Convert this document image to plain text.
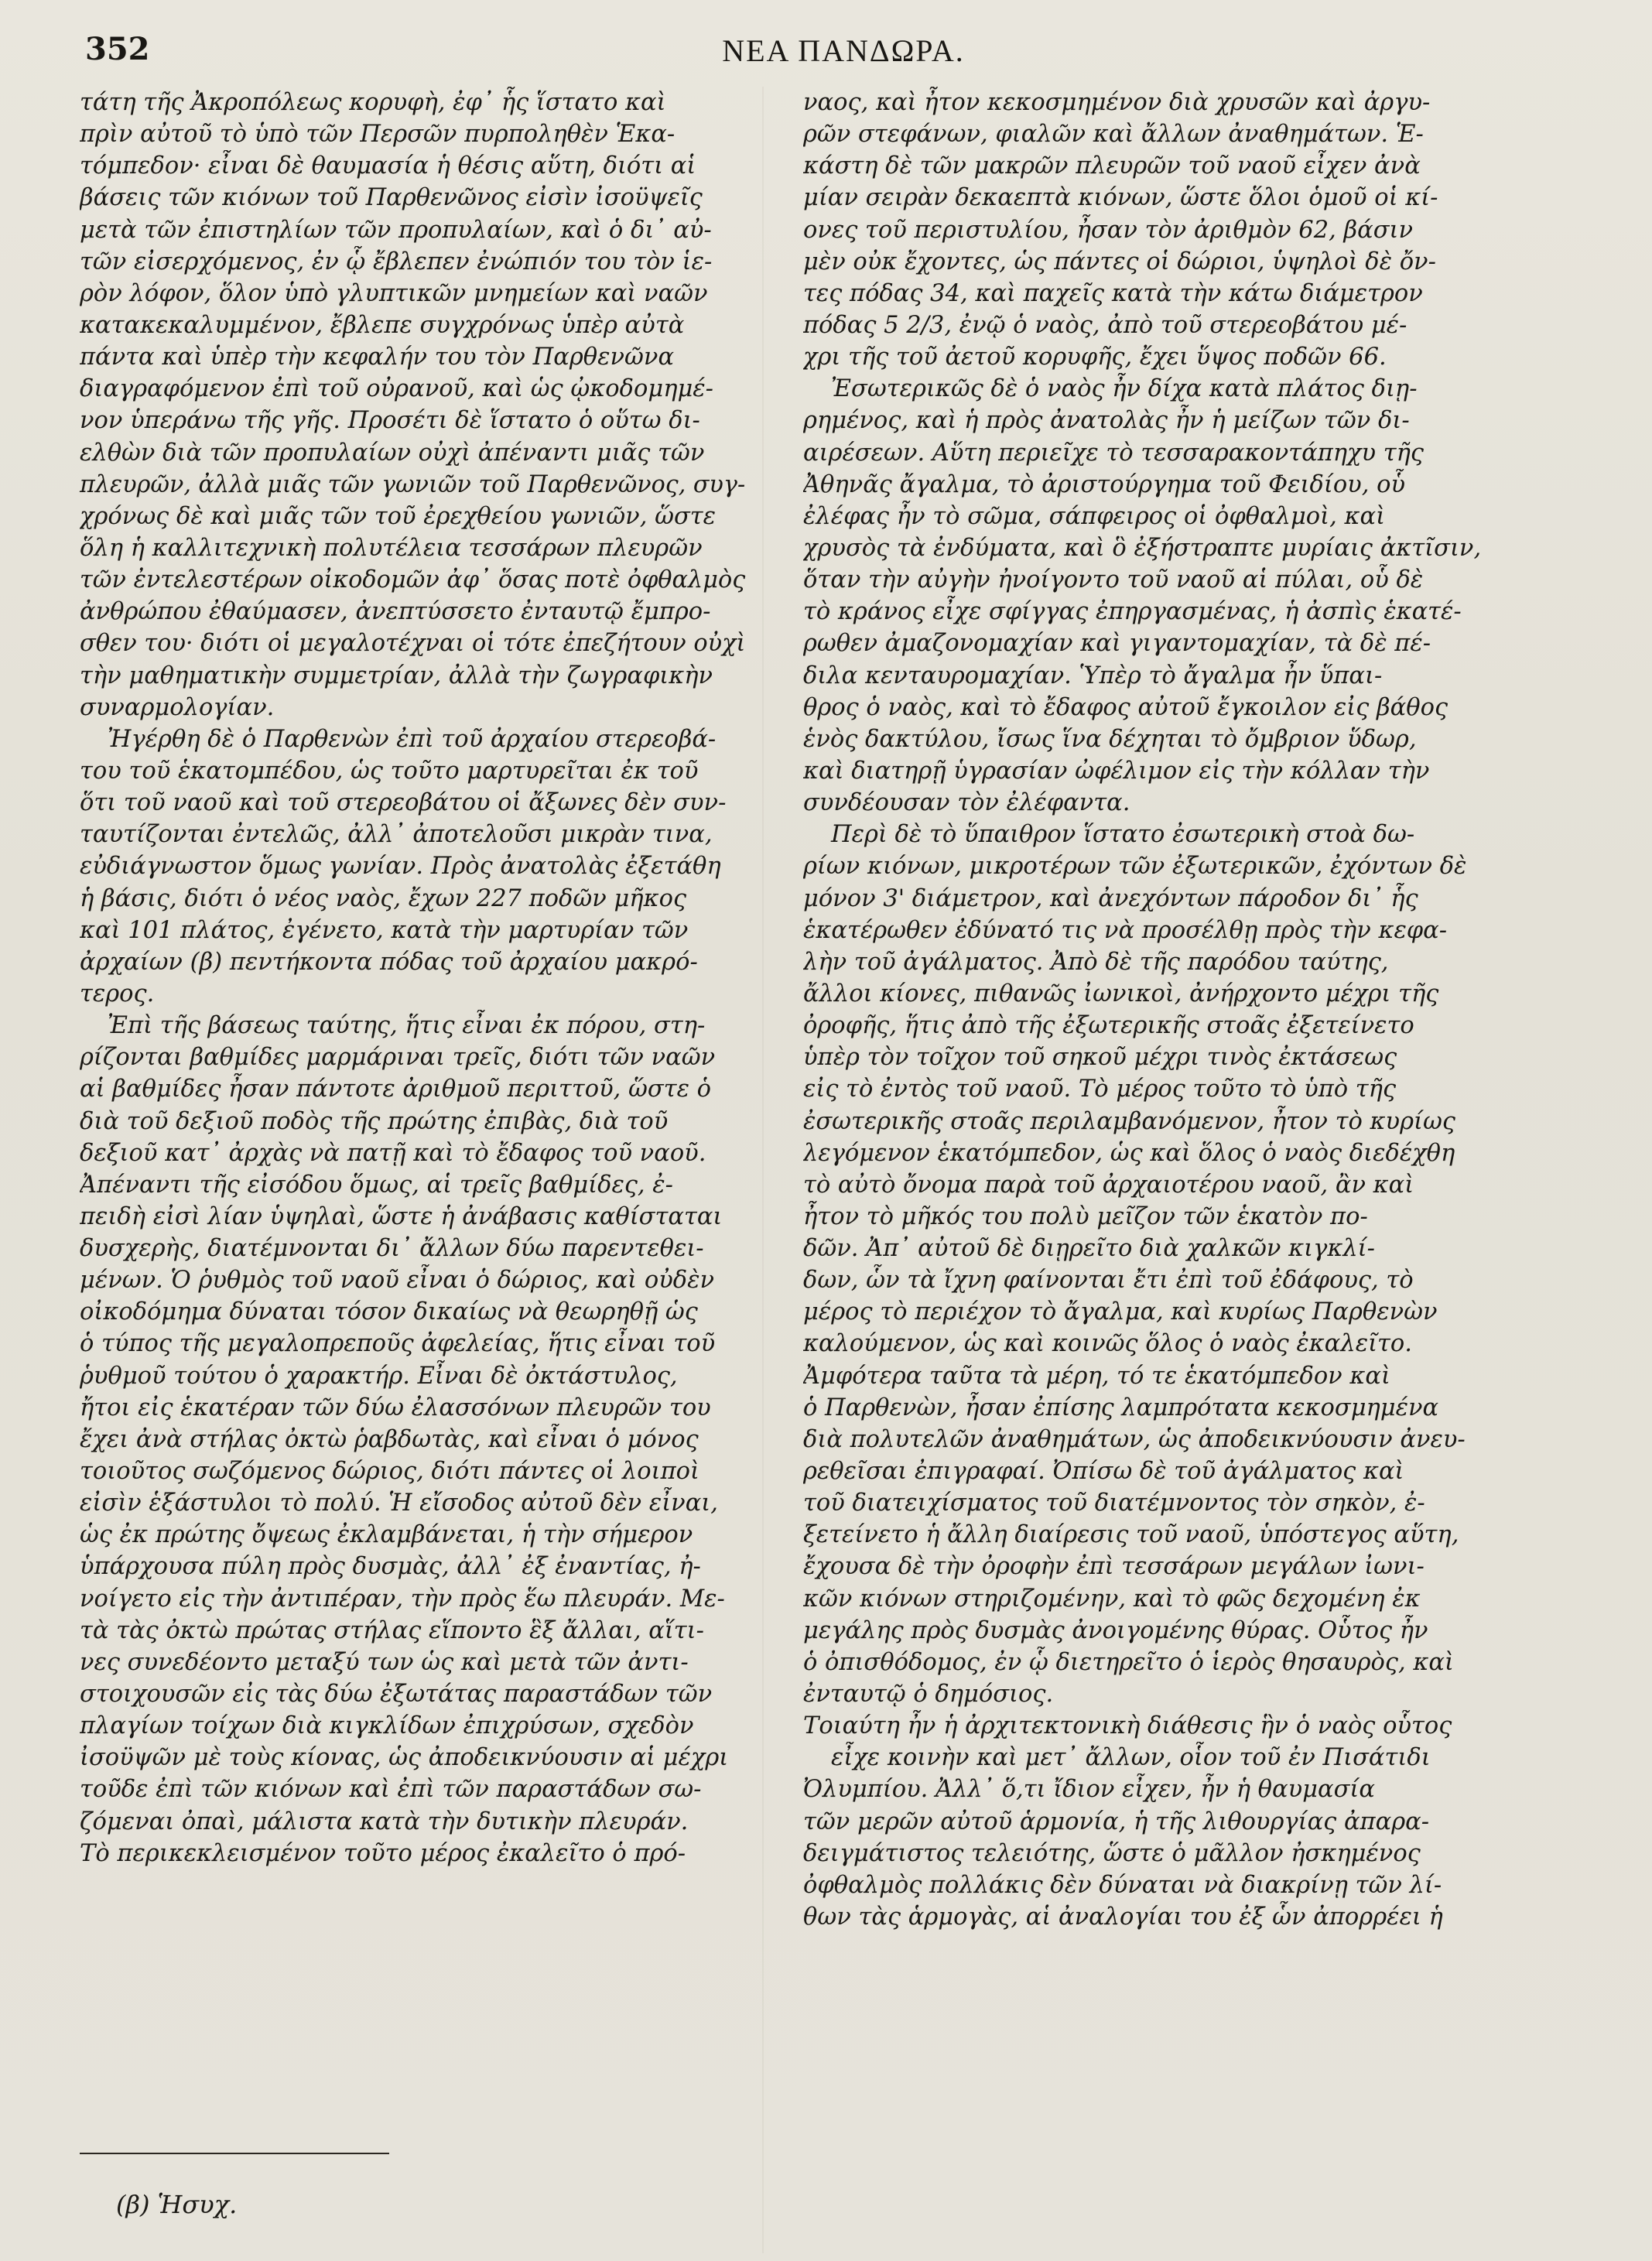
352	ΝΕΑ ΠΑΝΔΩΡΑ.
τάτη τῆς Ἀκροπόλεως κορυφὴ, ἐφ᾽ ἧς ἵστατο καὶ
πρὶν αὐτοῦ τὸ ὑπὸ τῶν Περσῶν πυρποληθὲν Ἑκα-
τόμπεδον· εἶναι δὲ θαυμασία ἡ θέσις αὕτη, διότι αἱ
βάσεις τῶν κιόνων τοῦ Παρθενῶνος εἰσὶν ἰσοϋψεῖς
μετὰ τῶν ἐπιστηλίων τῶν προπυλαίων, καὶ ὁ δι᾽ αὐ-
τῶν εἰσερχόμενος, ἐν ᾧ ἔβλεπεν ἐνώπιόν του τὸν ἱε-
ρὸν λόφον, ὅλον ὑπὸ γλυπτικῶν μνημείων καὶ ναῶν
κατακεκαλυμμένον, ἔβλεπε συγχρόνως ὑπὲρ αὐτὰ
πάντα καὶ ὑπὲρ τὴν κεφαλήν του τὸν Παρθενῶνα
διαγραφόμενον ἐπὶ τοῦ οὐρανοῦ, καὶ ὡς ᾠκοδομημέ-
νον ὑπεράνω τῆς γῆς. Προσέτι δὲ ἵστατο ὁ οὕτω δι-
ελθὼν διὰ τῶν προπυλαίων οὐχὶ ἀπέναντι μιᾶς τῶν
πλευρῶν, ἀλλὰ μιᾶς τῶν γωνιῶν τοῦ Παρθενῶνος, συγ-
χρόνως δὲ καὶ μιᾶς τῶν τοῦ ἐρεχθείου γωνιῶν, ὥστε
ὅλη ἡ καλλιτεχνικὴ πολυτέλεια τεσσάρων πλευρῶν
τῶν ἐντελεστέρων οἰκοδομῶν ἀφ᾽ ὅσας ποτὲ ὀφθαλμὸς
ἀνθρώπου ἐθαύμασεν, ἀνεπτύσσετο ἐνταυτῷ ἔμπρο-
σθεν του· διότι οἱ μεγαλοτέχναι οἱ τότε ἐπεζήτουν οὐχὶ
τὴν μαθηματικὴν συμμετρίαν, ἀλλὰ τὴν ζωγραφικὴν
συναρμολογίαν.
Ἠγέρθη δὲ ὁ Παρθενὼν ἐπὶ τοῦ ἀρχαίου στερεοβά-
του τοῦ ἑκατομπέδου, ὡς τοῦτο μαρτυρεῖται ἐκ τοῦ
ὅτι τοῦ ναοῦ καὶ τοῦ στερεοβάτου οἱ ἄξωνες δὲν συν-
ταυτίζονται ἐντελῶς, ἀλλ᾽ ἀποτελοῦσι μικρὰν τινα,
εὐδιάγνωστον ὅμως γωνίαν. Πρὸς ἀνατολὰς ἐξετάθη
ἡ βάσις, διότι ὁ νέος ναὸς, ἔχων 227 ποδῶν μῆκος
καὶ 101 πλάτος, ἐγένετο, κατὰ τὴν μαρτυρίαν τῶν
ἀρχαίων (β) πεντήκοντα πόδας τοῦ ἀρχαίου μακρό-
τερος.
Ἐπὶ τῆς βάσεως ταύτης, ἥτις εἶναι ἐκ πόρου, στη-
ρίζονται βαθμίδες μαρμάριναι τρεῖς, διότι τῶν ναῶν
αἱ βαθμίδες ἦσαν πάντοτε ἀριθμοῦ περιττοῦ, ὥστε ὁ
διὰ τοῦ δεξιοῦ ποδὸς τῆς πρώτης ἐπιβὰς, διὰ τοῦ
δεξιοῦ κατ᾽ ἀρχὰς νὰ πατῇ καὶ τὸ ἔδαφος τοῦ ναοῦ.
Ἀπέναντι τῆς εἰσόδου ὅμως, αἱ τρεῖς βαθμίδες, ἐ-
πειδὴ εἰσὶ λίαν ὑψηλαὶ, ὥστε ἡ ἀνάβασις καθίσταται
δυσχερὴς, διατέμνονται δι᾽ ἄλλων δύω παρεντεθει-
μένων. Ὁ ῥυθμὸς τοῦ ναοῦ εἶναι ὁ δώριος, καὶ οὐδὲν
οἰκοδόμημα δύναται τόσον δικαίως νὰ θεωρηθῇ ὡς
ὁ τύπος τῆς μεγαλοπρεποῦς ἀφελείας, ἥτις εἶναι τοῦ
ῥυθμοῦ τούτου ὁ χαρακτήρ. Εἶναι δὲ ὀκτάστυλος,
ἤτοι εἰς ἑκατέραν τῶν δύω ἐλασσόνων πλευρῶν του
ἔχει ἀνὰ στήλας ὀκτὼ ῥαβδωτὰς, καὶ εἶναι ὁ μόνος
τοιοῦτος σωζόμενος δώριος, διότι πάντες οἱ λοιποὶ
εἰσὶν ἑξάστυλοι τὸ πολύ. Ἡ εἴσοδος αὐτοῦ δὲν εἶναι,
ὡς ἐκ πρώτης ὄψεως ἐκλαμβάνεται, ἡ τὴν σήμερον
ὑπάρχουσα πύλη πρὸς δυσμὰς, ἀλλ᾽ ἐξ ἐναντίας, ἠ-
νοίγετο εἰς τὴν ἀντιπέραν, τὴν πρὸς ἕω πλευράν. Με-
τὰ τὰς ὀκτὼ πρώτας στήλας εἵποντο ἓξ ἄλλαι, αἵτι-
νες συνεδέοντο μεταξύ των ὡς καὶ μετὰ τῶν ἀντι-
στοιχουσῶν εἰς τὰς δύω ἐξωτάτας παραστάδων τῶν
πλαγίων τοίχων διὰ κιγκλίδων ἐπιχρύσων, σχεδὸν
ἰσοϋψῶν μὲ τοὺς κίονας, ὡς ἀποδεικνύουσιν αἱ μέχρι
τοῦδε ἐπὶ τῶν κιόνων καὶ ἐπὶ τῶν παραστάδων σω-
ζόμεναι ὀπαὶ, μάλιστα κατὰ τὴν δυτικὴν πλευράν.
Τὸ περικεκλεισμένον τοῦτο μέρος ἐκαλεῖτο ὁ πρό-
ναος, καὶ ἦτον κεκοσμημένον διὰ χρυσῶν καὶ ἀργυ-
ρῶν στεφάνων, φιαλῶν καὶ ἄλλων ἀναθημάτων. Ἑ-
κάστη δὲ τῶν μακρῶν πλευρῶν τοῦ ναοῦ εἶχεν ἀνὰ
μίαν σειρὰν δεκαεπτὰ κιόνων, ὥστε ὅλοι ὁμοῦ οἱ κί-
ονες τοῦ περιστυλίου, ἦσαν τὸν ἀριθμὸν 62, βάσιν
μὲν οὐκ ἔχοντες, ὡς πάντες οἱ δώριοι, ὑψηλοὶ δὲ ὄν-
τες πόδας 34, καὶ παχεῖς κατὰ τὴν κάτω διάμετρον
πόδας 5 2/3, ἐνῷ ὁ ναὸς, ἀπὸ τοῦ στερεοβάτου μέ-
χρι τῆς τοῦ ἀετοῦ κορυφῆς, ἔχει ὕψος ποδῶν 66.
Ἐσωτερικῶς δὲ ὁ ναὸς ἦν δίχα κατὰ πλάτος διῃ-
ρημένος, καὶ ἡ πρὸς ἀνατολὰς ἦν ἡ μείζων τῶν δι-
αιρέσεων. Αὕτη περιεῖχε τὸ τεσσαρακοντάπηχυ τῆς
Ἀθηνᾶς ἄγαλμα, τὸ ἀριστούργημα τοῦ Φειδίου, οὗ
ἐλέφας ἦν τὸ σῶμα, σάπφειρος οἱ ὀφθαλμοὶ, καὶ
χρυσὸς τὰ ἐνδύματα, καὶ ὃ ἐξήστραπτε μυρίαις ἀκτῖσιν,
ὅταν τὴν αὐγὴν ἠνοίγοντο τοῦ ναοῦ αἱ πύλαι, οὗ δὲ
τὸ κράνος εἶχε σφίγγας ἐπηργασμένας, ἡ ἀσπὶς ἑκατέ-
ρωθεν ἀμαζονομαχίαν καὶ γιγαντομαχίαν, τὰ δὲ πέ-
διλα κενταυρομαχίαν. Ὑπὲρ τὸ ἄγαλμα ἦν ὕπαι-
θρος ὁ ναὸς, καὶ τὸ ἔδαφος αὐτοῦ ἔγκοιλον εἰς βάθος
ἑνὸς δακτύλου, ἴσως ἵνα δέχηται τὸ ὄμβριον ὕδωρ,
καὶ διατηρῇ ὑγρασίαν ὠφέλιμον εἰς τὴν κόλλαν τὴν
συνδέουσαν τὸν ἐλέφαντα.
Περὶ δὲ τὸ ὕπαιθρον ἵστατο ἐσωτερικὴ στοὰ δω-
ρίων κιόνων, μικροτέρων τῶν ἐξωτερικῶν, ἐχόντων δὲ
μόνον 3' διάμετρον, καὶ ἀνεχόντων πάροδον δι᾽ ἧς
ἑκατέρωθεν ἐδύνατό τις νὰ προσέλθῃ πρὸς τὴν κεφα-
λὴν τοῦ ἀγάλματος. Ἀπὸ δὲ τῆς παρόδου ταύτης,
ἄλλοι κίονες, πιθανῶς ἰωνικοὶ, ἀνήρχοντο μέχρι τῆς
ὀροφῆς, ἥτις ἀπὸ τῆς ἐξωτερικῆς στοᾶς ἐξετείνετο
ὑπὲρ τὸν τοῖχον τοῦ σηκοῦ μέχρι τινὸς ἐκτάσεως
εἰς τὸ ἐντὸς τοῦ ναοῦ. Τὸ μέρος τοῦτο τὸ ὑπὸ τῆς
ἐσωτερικῆς στοᾶς περιλαμβανόμενον, ἦτον τὸ κυρίως
λεγόμενον ἑκατόμπεδον, ὡς καὶ ὅλος ὁ ναὸς διεδέχθη
τὸ αὐτὸ ὄνομα παρὰ τοῦ ἀρχαιοτέρου ναοῦ, ἂν καὶ
ἦτον τὸ μῆκός του πολὺ μεῖζον τῶν ἑκατὸν πο-
δῶν. Ἀπ᾽ αὐτοῦ δὲ διῃρεῖτο διὰ χαλκῶν κιγκλί-
δων, ὧν τὰ ἴχνη φαίνονται ἔτι ἐπὶ τοῦ ἐδάφους, τὸ
μέρος τὸ περιέχον τὸ ἄγαλμα, καὶ κυρίως Παρθενὼν
καλούμενον, ὡς καὶ κοινῶς ὅλος ὁ ναὸς ἐκαλεῖτο.
Ἀμφότερα ταῦτα τὰ μέρη, τό τε ἑκατόμπεδον καὶ
ὁ Παρθενὼν, ἦσαν ἐπίσης λαμπρότατα κεκοσμημένα
διὰ πολυτελῶν ἀναθημάτων, ὡς ἀποδεικνύουσιν ἀνευ-
ρεθεῖσαι ἐπιγραφαί. Ὀπίσω δὲ τοῦ ἀγάλματος καὶ
τοῦ διατειχίσματος τοῦ διατέμνοντος τὸν σηκὸν, ἐ-
ξετείνετο ἡ ἄλλη διαίρεσις τοῦ ναοῦ, ὑπόστεγος αὕτη,
ἔχουσα δὲ τὴν ὀροφὴν ἐπὶ τεσσάρων μεγάλων ἰωνι-
κῶν κιόνων στηριζομένην, καὶ τὸ φῶς δεχομένη ἐκ
μεγάλης πρὸς δυσμὰς ἀνοιγομένης θύρας. Οὗτος ἦν
ὁ ὀπισθόδομος, ἐν ᾧ διετηρεῖτο ὁ ἱερὸς θησαυρὸς, καὶ
ἐνταυτῷ ὁ δημόσιος.
Τοιαύτη ἦν ἡ ἀρχιτεκτονικὴ διάθεσις ἣν ὁ ναὸς οὗτος
εἶχε κοινὴν καὶ μετ᾽ ἄλλων, οἷον τοῦ ἐν Πισάτιδι
Ὀλυμπίου. Ἀλλ᾽ ὅ,τι ἴδιον εἶχεν, ἦν ἡ θαυμασία
τῶν μερῶν αὐτοῦ ἁρμονία, ἡ τῆς λιθουργίας ἀπαρα-
δειγμάτιστος τελειότης, ὥστε ὁ μᾶλλον ἠσκημένος
ὀφθαλμὸς πολλάκις δὲν δύναται νὰ διακρίνῃ τῶν λί-
θων τὰς ἁρμογὰς, αἱ ἀναλογίαι του ἐξ ὧν ἀπορρέει ἡ
(β) Ἡσυχ.
